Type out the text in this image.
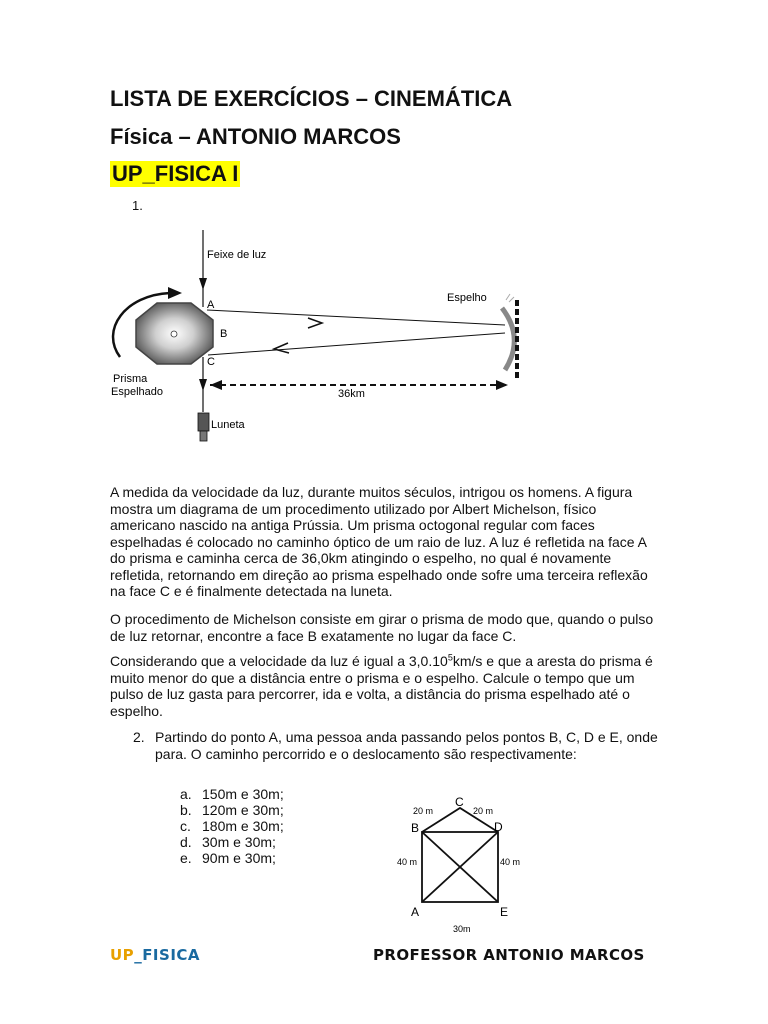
LISTA DE EXERCÍCIOS – CINEMÁTICA
Física – ANTONIO MARCOS
UP_FISICA I
1.
Feixe de luz
Espelho
A
B
C
Prisma
Espelhado	36km
Luneta

A medida da velocidade da luz, durante muitos séculos, intrigou os homens. A figura mostra um diagrama de um procedimento utilizado por Albert Michelson, físico americano nascido na antiga Prússia. Um prisma octogonal regular com faces espelhadas é colocado no caminho óptico de um raio de luz. A luz é refletida na face A do prisma e caminha cerca de 36,0km atingindo o espelho, no qual é novamente refletida, retornando em direção ao prisma espelhado onde sofre uma terceira reflexão na face C e é finalmente detectada na luneta.

O procedimento de Michelson consiste em girar o prisma de modo que, quando o pulso de luz retornar, encontre a face B exatamente no lugar da face C.

Considerando que a velocidade da luz é igual a 3,0.10$^5$km/s e que a aresta do prisma é muito menor do que a distância entre o prisma e o espelho. Calcule o tempo que um pulso de luz gasta para percorrer, ida e volta, a distância do prisma espelhado até o espelho.

2. Partindo do ponto A, uma pessoa anda passando pelos pontos B, C, D e E, onde para. O caminho percorrido e o deslocamento são respectivamente:
a. 150m e 30m;
b. 120m e 30m;
c. 180m e 30m;
d. 30m e 30m;
e. 90m e 30m;
C
B	D
A	E
20 m	20 m
40 m	40 m
30m
UP_FISICA	PROFESSOR ANTONIO MARCOS
